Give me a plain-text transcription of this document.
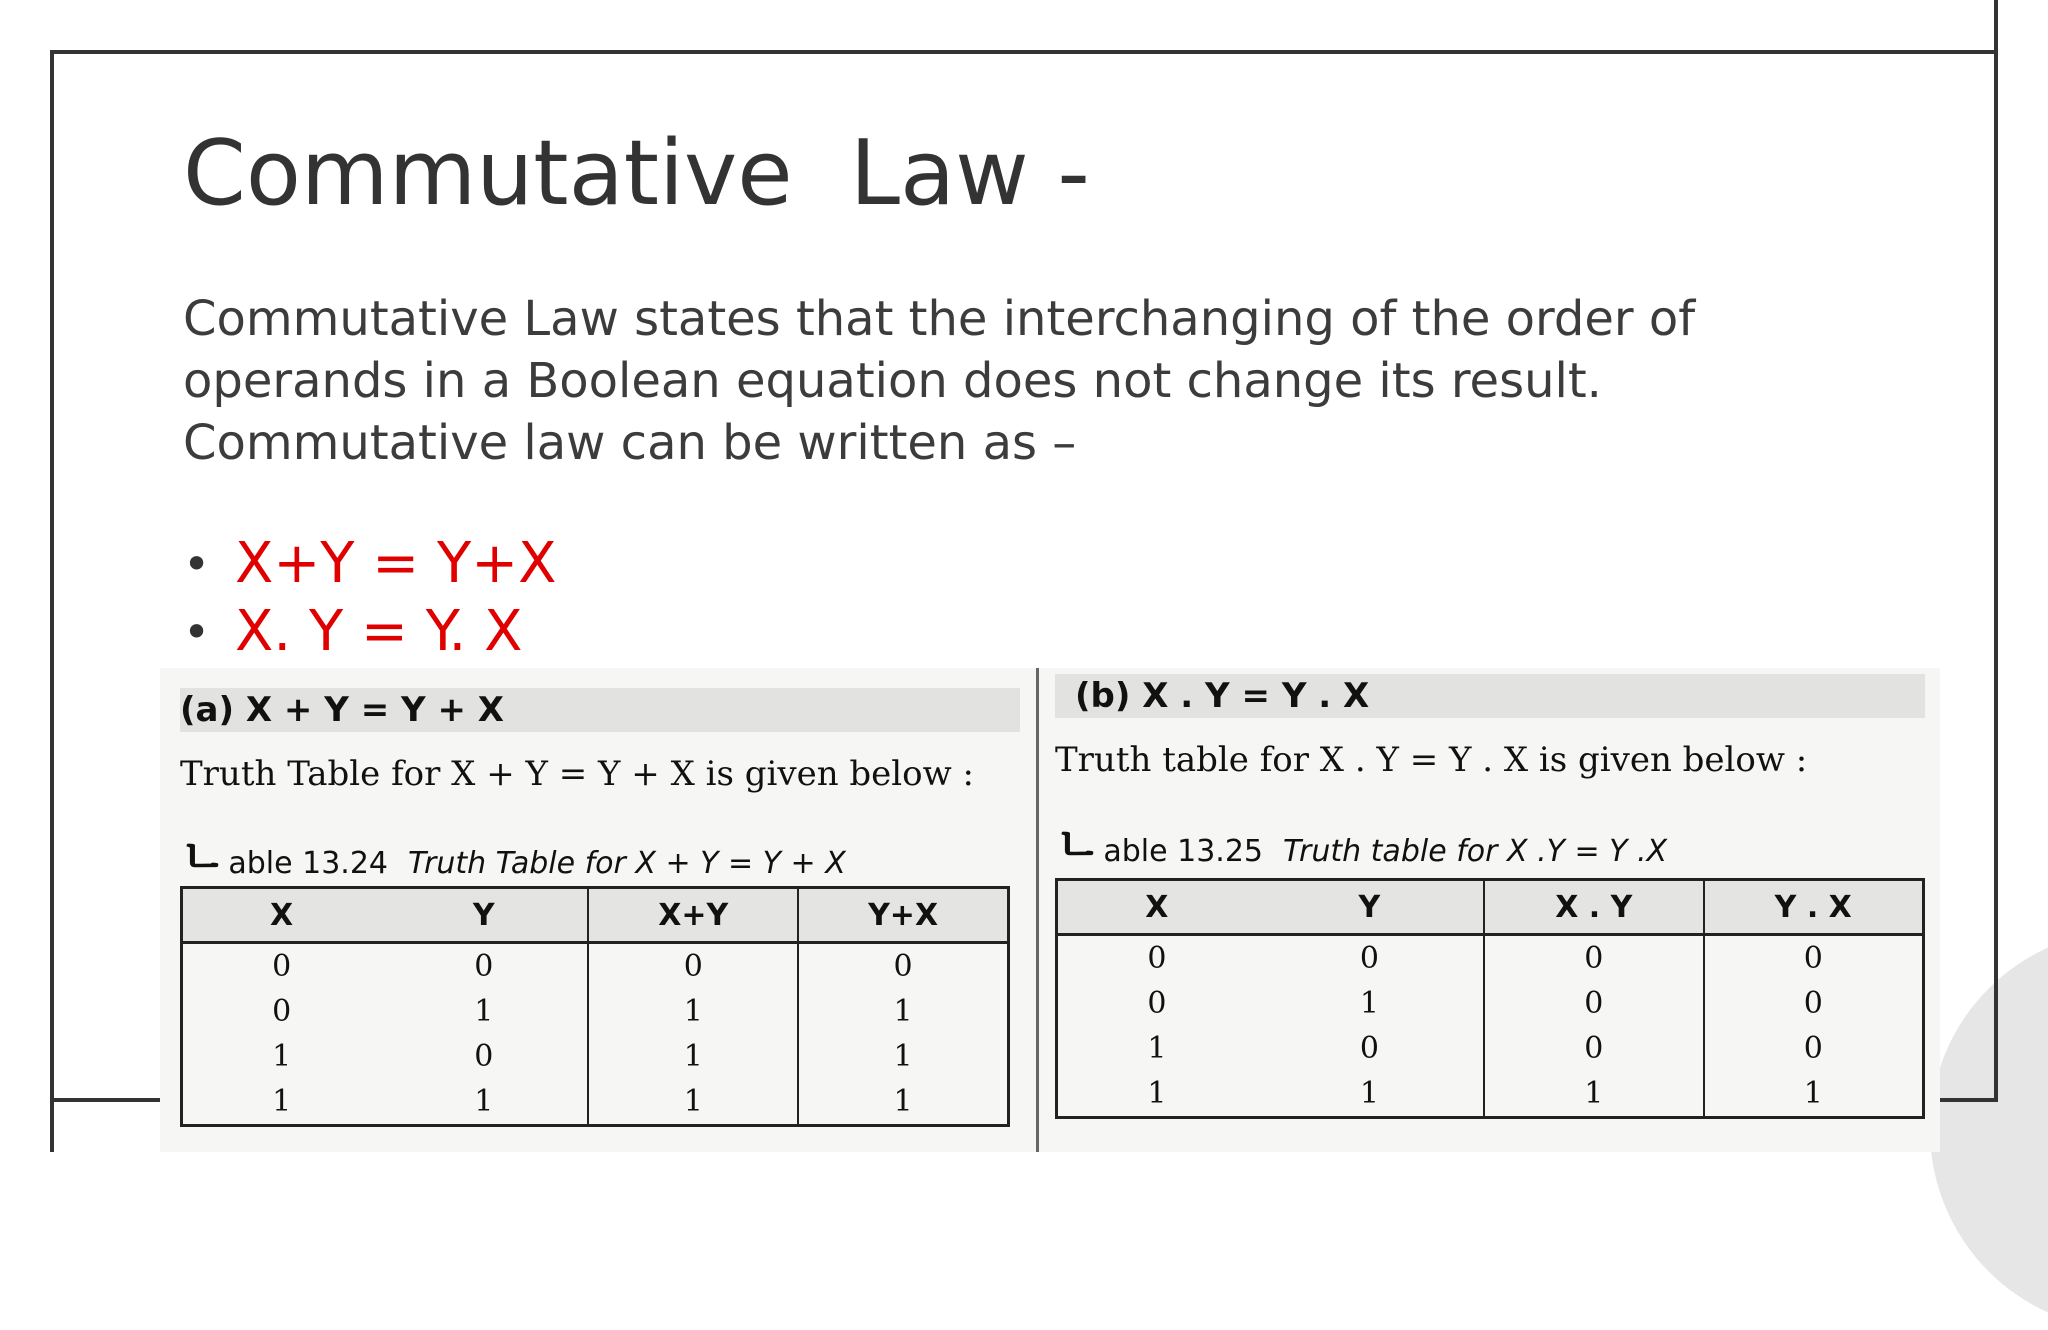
Commutative  Law -
Commutative Law states that the interchanging of the order of
operands in a Boolean equation does not change its result.
Commutative law can be written as –
• X+Y = Y+X
• X. Y = Y. X
(a) X + Y = Y + X
Truth Table for X + Y = Y + X is given below :
ㄴable 13.24 Truth Table for X + Y = Y + X
X	Y	X+Y	Y+X
0	0	0	0
0	1	1	1
1	0	1	1
1	1	1	1
(b) X . Y = Y . X
Truth table for X . Y = Y . X is given below :
ㄴable 13.25 Truth table for X .Y = Y .X
X	Y	X . Y	Y . X
0	0	0	0
0	1	0	0
1	0	0	0
1	1	1	1
